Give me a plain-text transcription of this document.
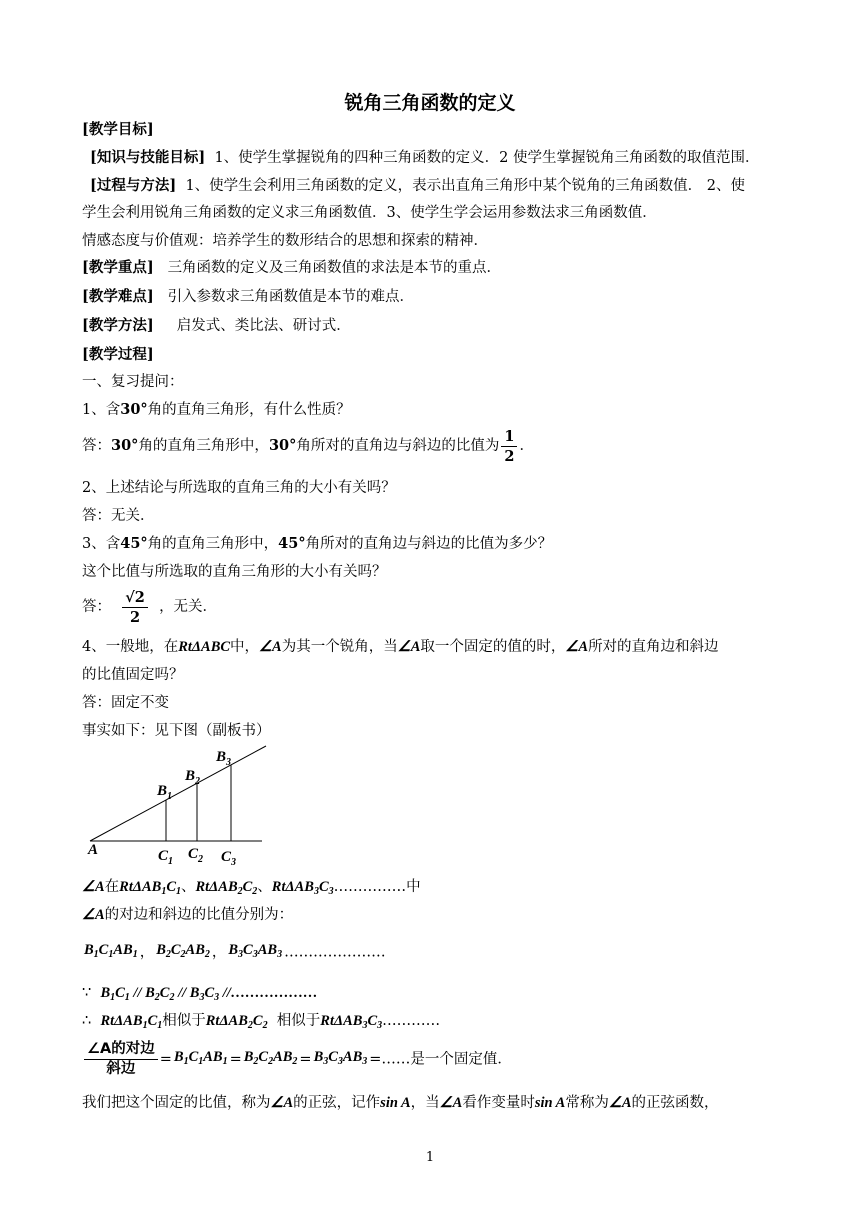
锐角三角函数的定义
[教学目标]
[知识与技能目标] 1、使学生掌握锐角的四种三角函数的定义．2 使学生掌握锐角三角函数的取值范围．
[过程与方法] 1、使学生会利用三角函数的定义，表示出直角三角形中某个锐角的三角函数值． 2、使
学生会利用锐角三角函数的定义求三角函数值．3、使学生学会运用参数法求三角函数值．
情感态度与价值观：培养学生的数形结合的思想和探索的精神．
[教学重点] 三角函数的定义及三角函数值的求法是本节的重点．
[教学难点] 引入参数求三角函数值是本节的难点．
[教学方法] 启发式、类比法、研讨式．
[教学过程]
一、复习提问：
1、含30°角的直角三角形，有什么性质？
答：30°角的直角三角形中，30°角所对的直角边与斜边的比值为 $\frac{1}{2}$ ．
2、上述结论与所选取的直角三角的大小有关吗？
答：无关．
3、含45°角的直角三角形中，45°角所对的直角边与斜边的比值为多少？
这个比值与所选取的直角三角形的大小有关吗？
答： $\frac{√2}{2}$ ，无关．
4、一般地，在RtΔABC中，∠A为其一个锐角，当∠A取一个固定的值的时，∠A所对的直角边和斜边
的比值固定吗？
答：固定不变
事实如下：见下图（副板书）
A
$B_1$
$B_2$
$B_3$
$C_1$ $C_2$ $C_3$
∠A在$Rt\Delta AB_1C_1$、$Rt\Delta AB_2C_2$、$Rt\Delta AB_3C_3\dots\dots\dots\dots\dots$中
∠A的对边和斜边的比值分别为：
$B_1C_1AB_1$ ， $B_2C_2AB_2$ ， $B_3C_3AB_3$ …………………
∵ $B_1C_1 // B_2C_2 // B_3C_3$ //………………
∴ $Rt\Delta AB_1C_1$相似于$Rt\Delta AB_2C_2$ 相似于$Rt\Delta AB_3C_3\dots\dots\dots\dots$
$\frac{\text{∠A的对边}}{\text{斜边}} = B_1C_1AB_1 = B_2C_2AB_2 = B_3C_3AB_3$ =……是一个固定值．
我们把这个固定的比值，称为∠A的正弦，记作sin A，当∠A看作变量时sin A常称为∠A的正弦函数，
1
